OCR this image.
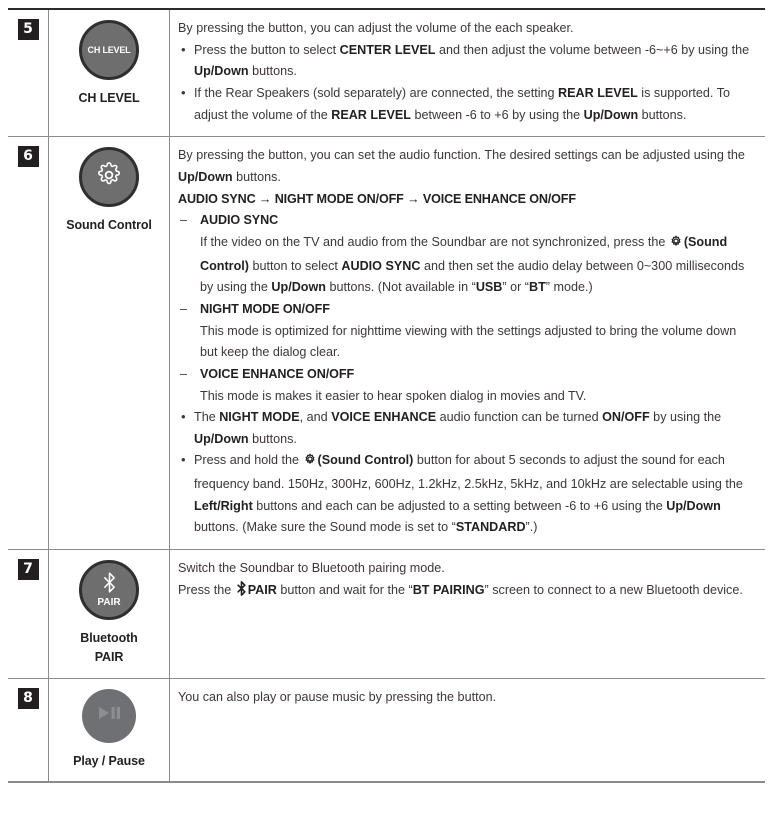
5
CH LEVEL
CH LEVEL

By pressing the button, you can adjust the volume of the each speaker.

• Press the button to select CENTER LEVEL and then adjust the volume between -6~+6 by using the Up/Down buttons.
• If the Rear Speakers (sold separately) are connected, the setting REAR LEVEL is supported. To adjust the volume of the REAR LEVEL between -6 to +6 by using the Up/Down buttons.
6
Sound Control

By pressing the button, you can set the audio function. The desired settings can be adjusted using the Up/Down buttons.

AUDIO SYNC → NIGHT MODE ON/OFF → VOICE ENHANCE ON/OFF

– AUDIO SYNC
If the video on the TV and audio from the Soundbar are not synchronized, press the (Sound Control) button to select AUDIO SYNC and then set the audio delay between 0~300 milliseconds by using the Up/Down buttons. (Not available in “USB” or “BT” mode.)
– NIGHT MODE ON/OFF
This mode is optimized for nighttime viewing with the settings adjusted to bring the volume down but keep the dialog clear.
– VOICE ENHANCE ON/OFF
This mode is makes it easier to hear spoken dialog in movies and TV.
• The NIGHT MODE, and VOICE ENHANCE audio function can be turned ON/OFF by using the Up/Down buttons.
• Press and hold the (Sound Control) button for about 5 seconds to adjust the sound for each frequency band. 150Hz, 300Hz, 600Hz, 1.2kHz, 2.5kHz, 5kHz, and 10kHz are selectable using the Left/Right buttons and each can be adjusted to a setting between -6 to +6 using the Up/Down buttons. (Make sure the Sound mode is set to “STANDARD”.)
7
PAIR
Bluetooth
PAIR

Switch the Soundbar to Bluetooth pairing mode.

Press the PAIR button and wait for the “BT PAIRING” screen to connect to a new Bluetooth device.

8
Play / Pause

You can also play or pause music by pressing the button.
